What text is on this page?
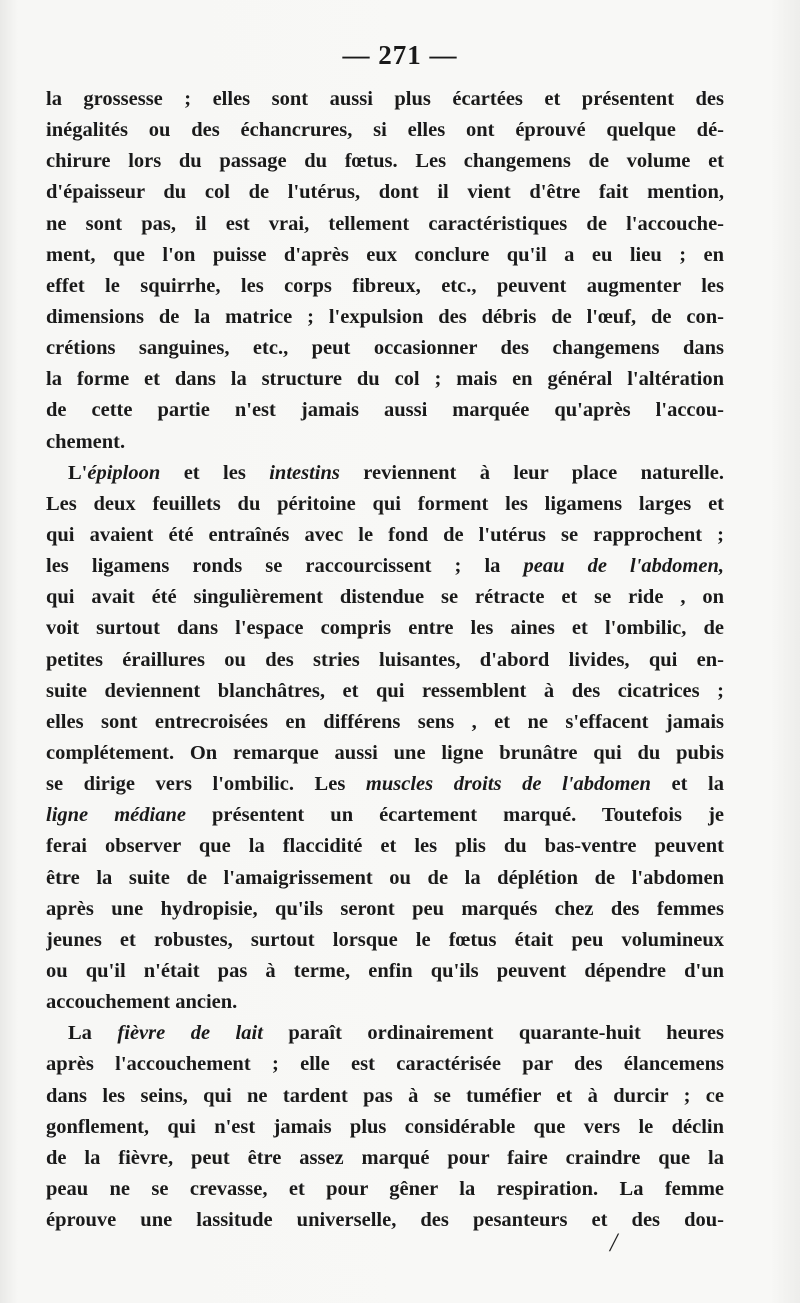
— 271 —
la grossesse ; elles sont aussi plus écartées et présentent des
inégalités ou des échancrures, si elles ont éprouvé quelque dé-
chirure lors du passage du fœtus. Les changemens de volume et
d'épaisseur du col de l'utérus, dont il vient d'être fait mention,
ne sont pas, il est vrai, tellement caractéristiques de l'accouche-
ment, que l'on puisse d'après eux conclure qu'il a eu lieu ; en
effet le squirrhe, les corps fibreux, etc., peuvent augmenter les
dimensions de la matrice ; l'expulsion des débris de l'œuf, de con-
crétions sanguines, etc., peut occasionner des changemens dans
la forme et dans la structure du col ; mais en général l'altération
de cette partie n'est jamais aussi marquée qu'après l'accou-
chement.
L'épiploon et les intestins reviennent à leur place naturelle.
Les deux feuillets du péritoine qui forment les ligamens larges et
qui avaient été entraînés avec le fond de l'utérus se rapprochent ;
les ligamens ronds se raccourcissent ; la peau de l'abdomen,
qui avait été singulièrement distendue se rétracte et se ride , on
voit surtout dans l'espace compris entre les aines et l'ombilic, de
petites éraillures ou des stries luisantes, d'abord livides, qui en-
suite deviennent blanchâtres, et qui ressemblent à des cicatrices ;
elles sont entrecroisées en différens sens , et ne s'effacent jamais
complétement. On remarque aussi une ligne brunâtre qui du pubis
se dirige vers l'ombilic. Les muscles droits de l'abdomen et la
ligne médiane présentent un écartement marqué. Toutefois je
ferai observer que la flaccidité et les plis du bas-ventre peuvent
être la suite de l'amaigrissement ou de la déplétion de l'abdomen
après une hydropisie, qu'ils seront peu marqués chez des femmes
jeunes et robustes, surtout lorsque le fœtus était peu volumineux
ou qu'il n'était pas à terme, enfin qu'ils peuvent dépendre d'un
accouchement ancien.
La fièvre de lait paraît ordinairement quarante-huit heures
après l'accouchement ; elle est caractérisée par des élancemens
dans les seins, qui ne tardent pas à se tuméfier et à durcir ; ce
gonflement, qui n'est jamais plus considérable que vers le déclin
de la fièvre, peut être assez marqué pour faire craindre que la
peau ne se crevasse, et pour gêner la respiration. La femme
éprouve une lassitude universelle, des pesanteurs et des dou-
/
